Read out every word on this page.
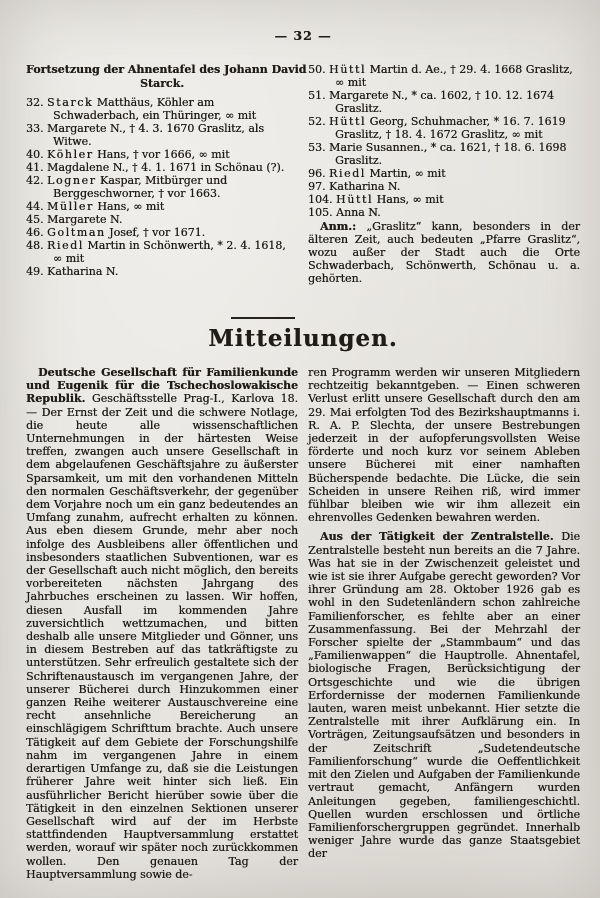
— 32 —
Fortsetzung der Ahnentafel des Johann David
Starck.
32. Starck Matthäus, Köhler am Schwaderbach, ein Thüringer, ∞ mit
33. Margarete N., † 4. 3. 1670 Graslitz, als Witwe.
40. Köhler Hans, † vor 1666, ∞ mit
41. Magdalene N., † 4. 1. 1671 in Schönau (?).
42. Logner Kaspar, Mitbürger und Berggeschworner, † vor 1663.
44. Müller Hans, ∞ mit
45. Margarete N.
46. Goltman Josef, † vor 1671.
48. Riedl Martin in Schönwerth, * 2. 4. 1618, ∞ mit
49. Katharina N.
50. Hüttl Martin d. Ae., † 29. 4. 1668 Graslitz, ∞ mit
51. Margarete N., * ca. 1602, † 10. 12. 1674 Graslitz.
52. Hüttl Georg, Schuhmacher, * 16. 7. 1619 Graslitz, † 18. 4. 1672 Graslitz, ∞ mit
53. Marie Susannen., * ca. 1621, † 18. 6. 1698 Graslitz.
96. Riedl Martin, ∞ mit
97. Katharina N.
104. Hüttl Hans, ∞ mit
105. Anna N.

Anm.: „Graslitz“ kann, besonders in der älteren Zeit, auch bedeuten „Pfarre Graslitz“, wozu außer der Stadt auch die Orte Schwaderbach, Schönwerth, Schönau u. a. gehörten.

Mitteilungen.

Deutsche Gesellschaft für Familienkunde und Eugenik für die Tschechoslowakische Republik. Geschäftsstelle Prag-I., Karlova 18. — Der Ernst der Zeit und die schwere Notlage, die heute alle wissenschaftlichen Unternehmungen in der härtesten Weise treffen, zwangen auch unsere Gesellschaft in dem abgelaufenen Geschäftsjahre zu äußerster Sparsamkeit, um mit den vorhandenen Mitteln den normalen Geschäftsverkehr, der gegenüber dem Vorjahre noch um ein ganz bedeutendes an Umfang zunahm, aufrecht erhalten zu können. Aus eben diesem Grunde, mehr aber noch infolge des Ausbleibens aller öffentlichen und insbesonders staatlichen Subventionen, war es der Gesellschaft auch nicht möglich, den bereits vorbereiteten nächsten Jahrgang des Jahrbuches erscheinen zu lassen. Wir hoffen, diesen Ausfall im kommenden Jahre zuversichtlich wettzumachen, und bitten deshalb alle unsere Mitglieder und Gönner, uns in diesem Bestreben auf das tatkräftigste zu unterstützen. Sehr erfreulich gestaltete sich der Schriftenaustausch im vergangenen Jahre, der unserer Bücherei durch Hinzukommen einer ganzen Reihe weiterer Austauschvereine eine recht ansehnliche Bereicherung an einschlägigem Schrifttum brachte. Auch unsere Tätigkeit auf dem Gebiete der Forschungshilfe nahm im vergangenen Jahre in einem derartigen Umfange zu, daß sie die Leistungen früherer Jahre weit hinter sich ließ. Ein ausführlicher Bericht hierüber sowie über die Tätigkeit in den einzelnen Sektionen unserer Gesellschaft wird auf der im Herbste stattfindenden Hauptversammlung erstattet werden, worauf wir später noch zurückkommen wollen. Den genauen Tag der Hauptversammlung sowie de-

ren Programm werden wir unseren Mitgliedern rechtzeitig bekanntgeben. — Einen schweren Verlust erlitt unsere Gesellschaft durch den am 29. Mai erfolgten Tod des Bezirkshauptmanns i. R. A. P. Slechta, der unsere Bestrebungen jederzeit in der aufopferungsvollsten Weise förderte und noch kurz vor seinem Ableben unsere Bücherei mit einer namhaften Bücherspende bedachte. Die Lücke, die sein Scheiden in unsere Reihen riß, wird immer fühlbar bleiben wie wir ihm allezeit ein ehrenvolles Gedenken bewahren werden.

Aus der Tätigkeit der Zentralstelle. Die Zentralstelle besteht nun bereits an die 7 Jahre. Was hat sie in der Zwischenzeit geleistet und wie ist sie ihrer Aufgabe gerecht geworden? Vor ihrer Gründung am 28. Oktober 1926 gab es wohl in den Sudetenländern schon zahlreiche Familienforscher, es fehlte aber an einer Zusammenfassung. Bei der Mehrzahl der Forscher spielte der „Stammbaum“ und das „Familienwappen“ die Hauptrolle. Ahnentafel, biologische Fragen, Berücksichtigung der Ortsgeschichte und wie die übrigen Erfordernisse der modernen Familienkunde lauten, waren meist unbekannt. Hier setzte die Zentralstelle mit ihrer Aufklärung ein. In Vorträgen, Zeitungsaufsätzen und besonders in der Zeitschrift „Sudetendeutsche Familienforschung“ wurde die Oeffentlichkeit mit den Zielen und Aufgaben der Familienkunde vertraut gemacht, Anfängern wurden Anleitungen gegeben, familiengeschichtl. Quellen wurden erschlossen und örtliche Familienforschergruppen gegründet. Innerhalb weniger Jahre wurde das ganze Staatsgebiet der
